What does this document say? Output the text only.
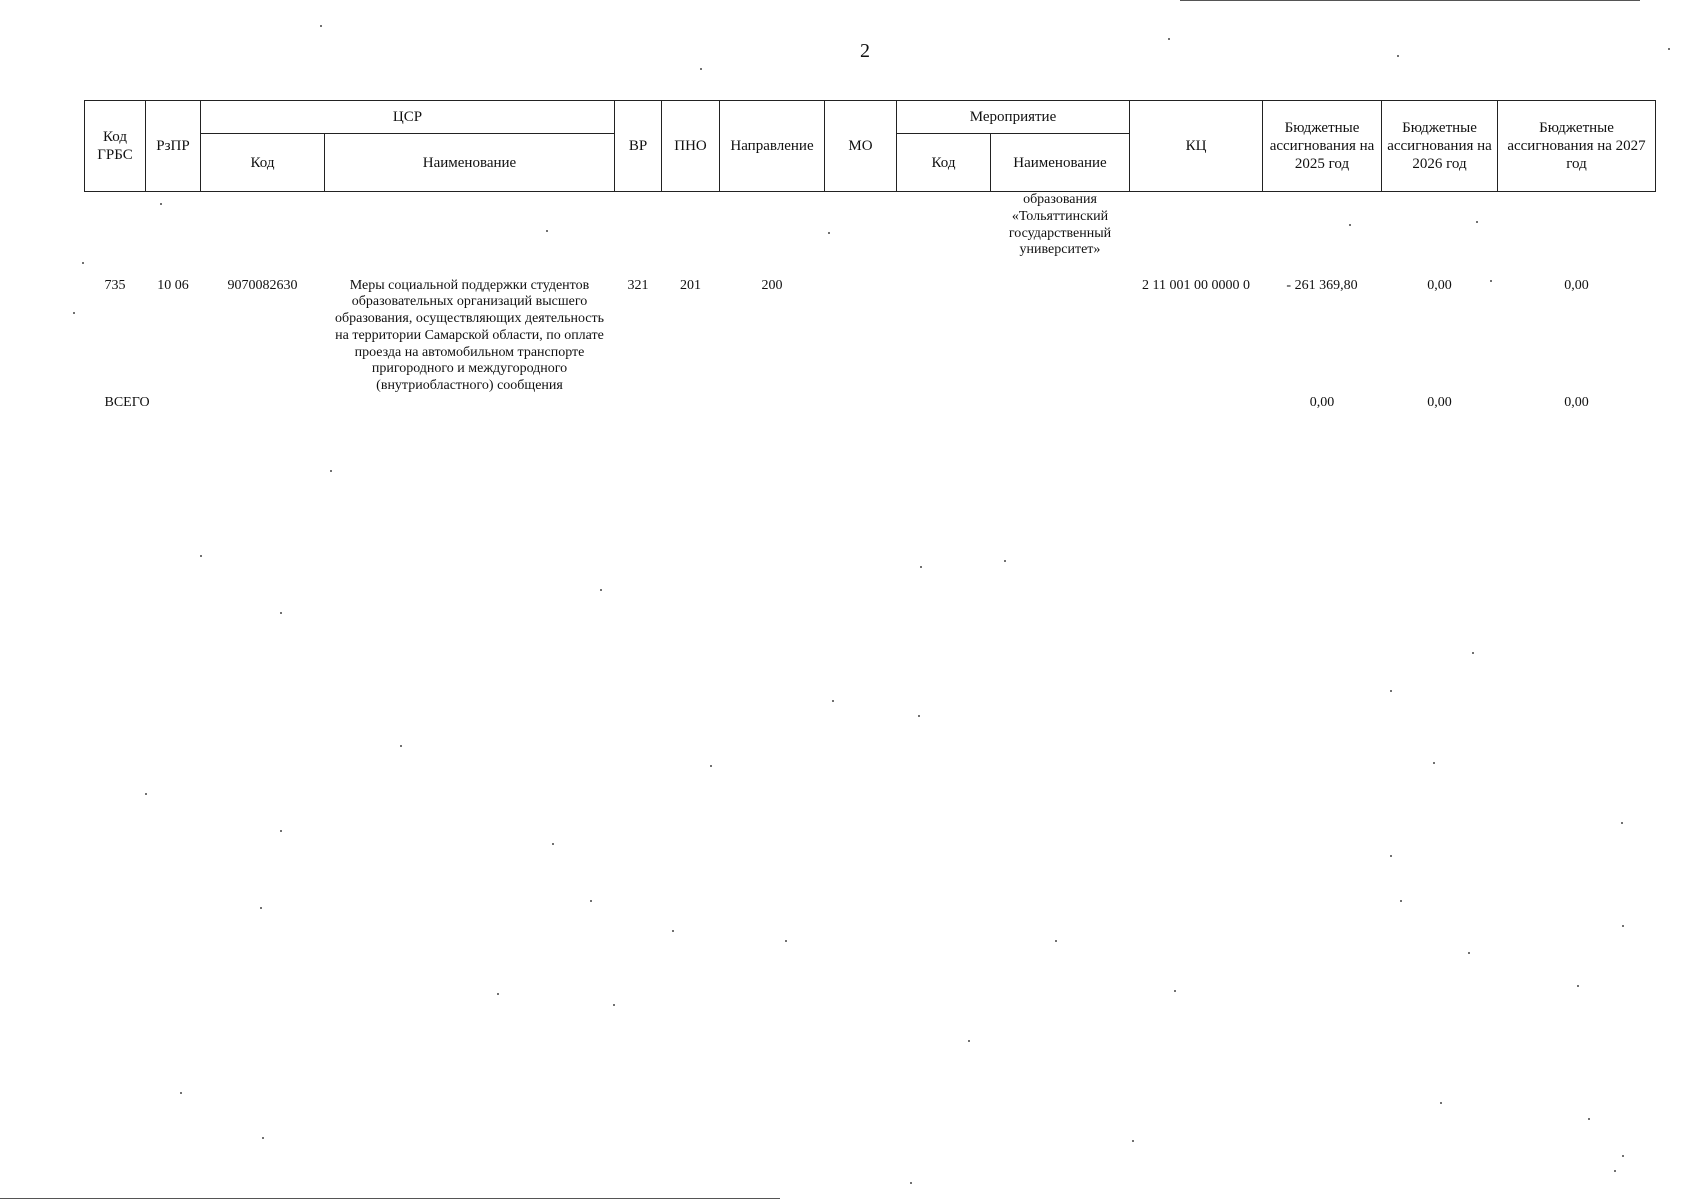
2
Код ГРБС	РзПР	ЦСР		ВР	ПНО	Направление	МО	Мероприятие		КЦ	Бюджетные ассигнования на 2025 год	Бюджетные ассигнования на 2026 год	Бюджетные ассигнования на 2027 год
		Код	Наименование					Код	Наименование				
									образования «Тольяттинский государственный университет»				
735	10 06	9070082630	Меры социальной поддержки студентов образовательных организаций высшего образования, осуществляющих деятельность на территории Самарской области, по оплате проезда на автомобильном транспорте пригородного и междугородного (внутриобластного) сообщения	321	201	200				2 11 001 00 0000 0	- 261 369,80	0,00	0,00
ВСЕГО											0,00	0,00	0,00
